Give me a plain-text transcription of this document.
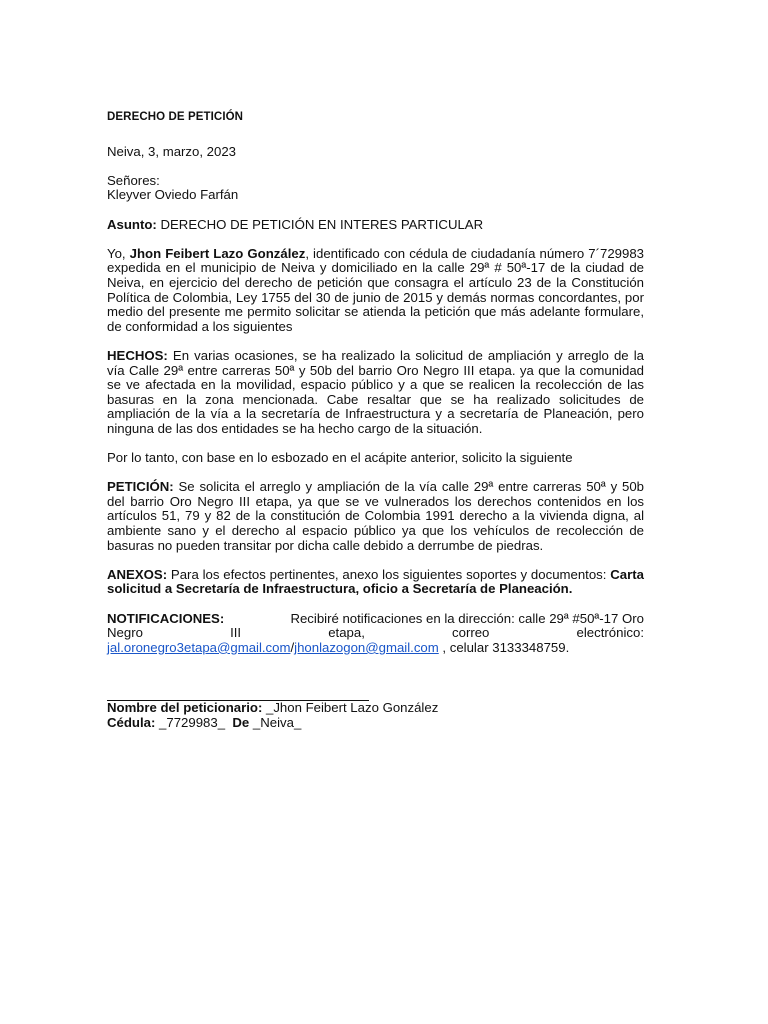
DERECHO DE PETICIÓN

Neiva, 3, marzo, 2023

Señores:

Kleyver Oviedo Farfán

Asunto: DERECHO DE PETICIÓN EN INTERES PARTICULAR

Yo, Jhon Feibert Lazo González, identificado con cédula de ciudadanía número 7´729983 expedida en el municipio de Neiva y domiciliado en la calle 29ª # 50ª-17 de la ciudad de Neiva, en ejercicio del derecho de petición que consagra el artículo 23 de la Constitución Política de Colombia, Ley 1755 del 30 de junio de 2015 y demás normas concordantes, por medio del presente me permito solicitar se atienda la petición que más adelante formulare, de conformidad a los siguientes

HECHOS: En varias ocasiones, se ha realizado la solicitud de ampliación y arreglo de la vía Calle 29ª entre carreras 50ª y 50b del barrio Oro Negro III etapa. ya que la comunidad se ve afectada en la movilidad, espacio público y a que se realicen la recolección de las basuras en la zona mencionada. Cabe resaltar que se ha realizado solicitudes de ampliación de la vía a la secretaría de Infraestructura y a secretaría de Planeación, pero ninguna de las dos entidades se ha hecho cargo de la situación.

Por lo tanto, con base en lo esbozado en el acápite anterior, solicito la siguiente

PETICIÓN: Se solicita el arreglo y ampliación de la vía calle 29ª entre carreras 50ª y 50b del barrio Oro Negro III etapa, ya que se ve vulnerados los derechos contenidos en los artículos 51, 79 y 82 de la constitución de Colombia 1991 derecho a la vivienda digna, al ambiente sano y el derecho al espacio público ya que los vehículos de recolección de basuras no pueden transitar por dicha calle debido a derrumbe de piedras.

ANEXOS: Para los efectos pertinentes, anexo los siguientes soportes y documentos: Carta solicitud a Secretaría de Infraestructura, oficio a Secretaría de Planeación.

NOTIFICACIONES:	Recibiré notificaciones en la dirección: calle 29ª #50ª-17 Oro
Negro	III	etapa,	correo	electrónico:

jal.oronegro3etapa@gmail.com/jhonlazogon@gmail.com , celular 3133348759.

Nombre del peticionario: _Jhon Feibert Lazo González

Cédula: _7729983_  De _Neiva_
